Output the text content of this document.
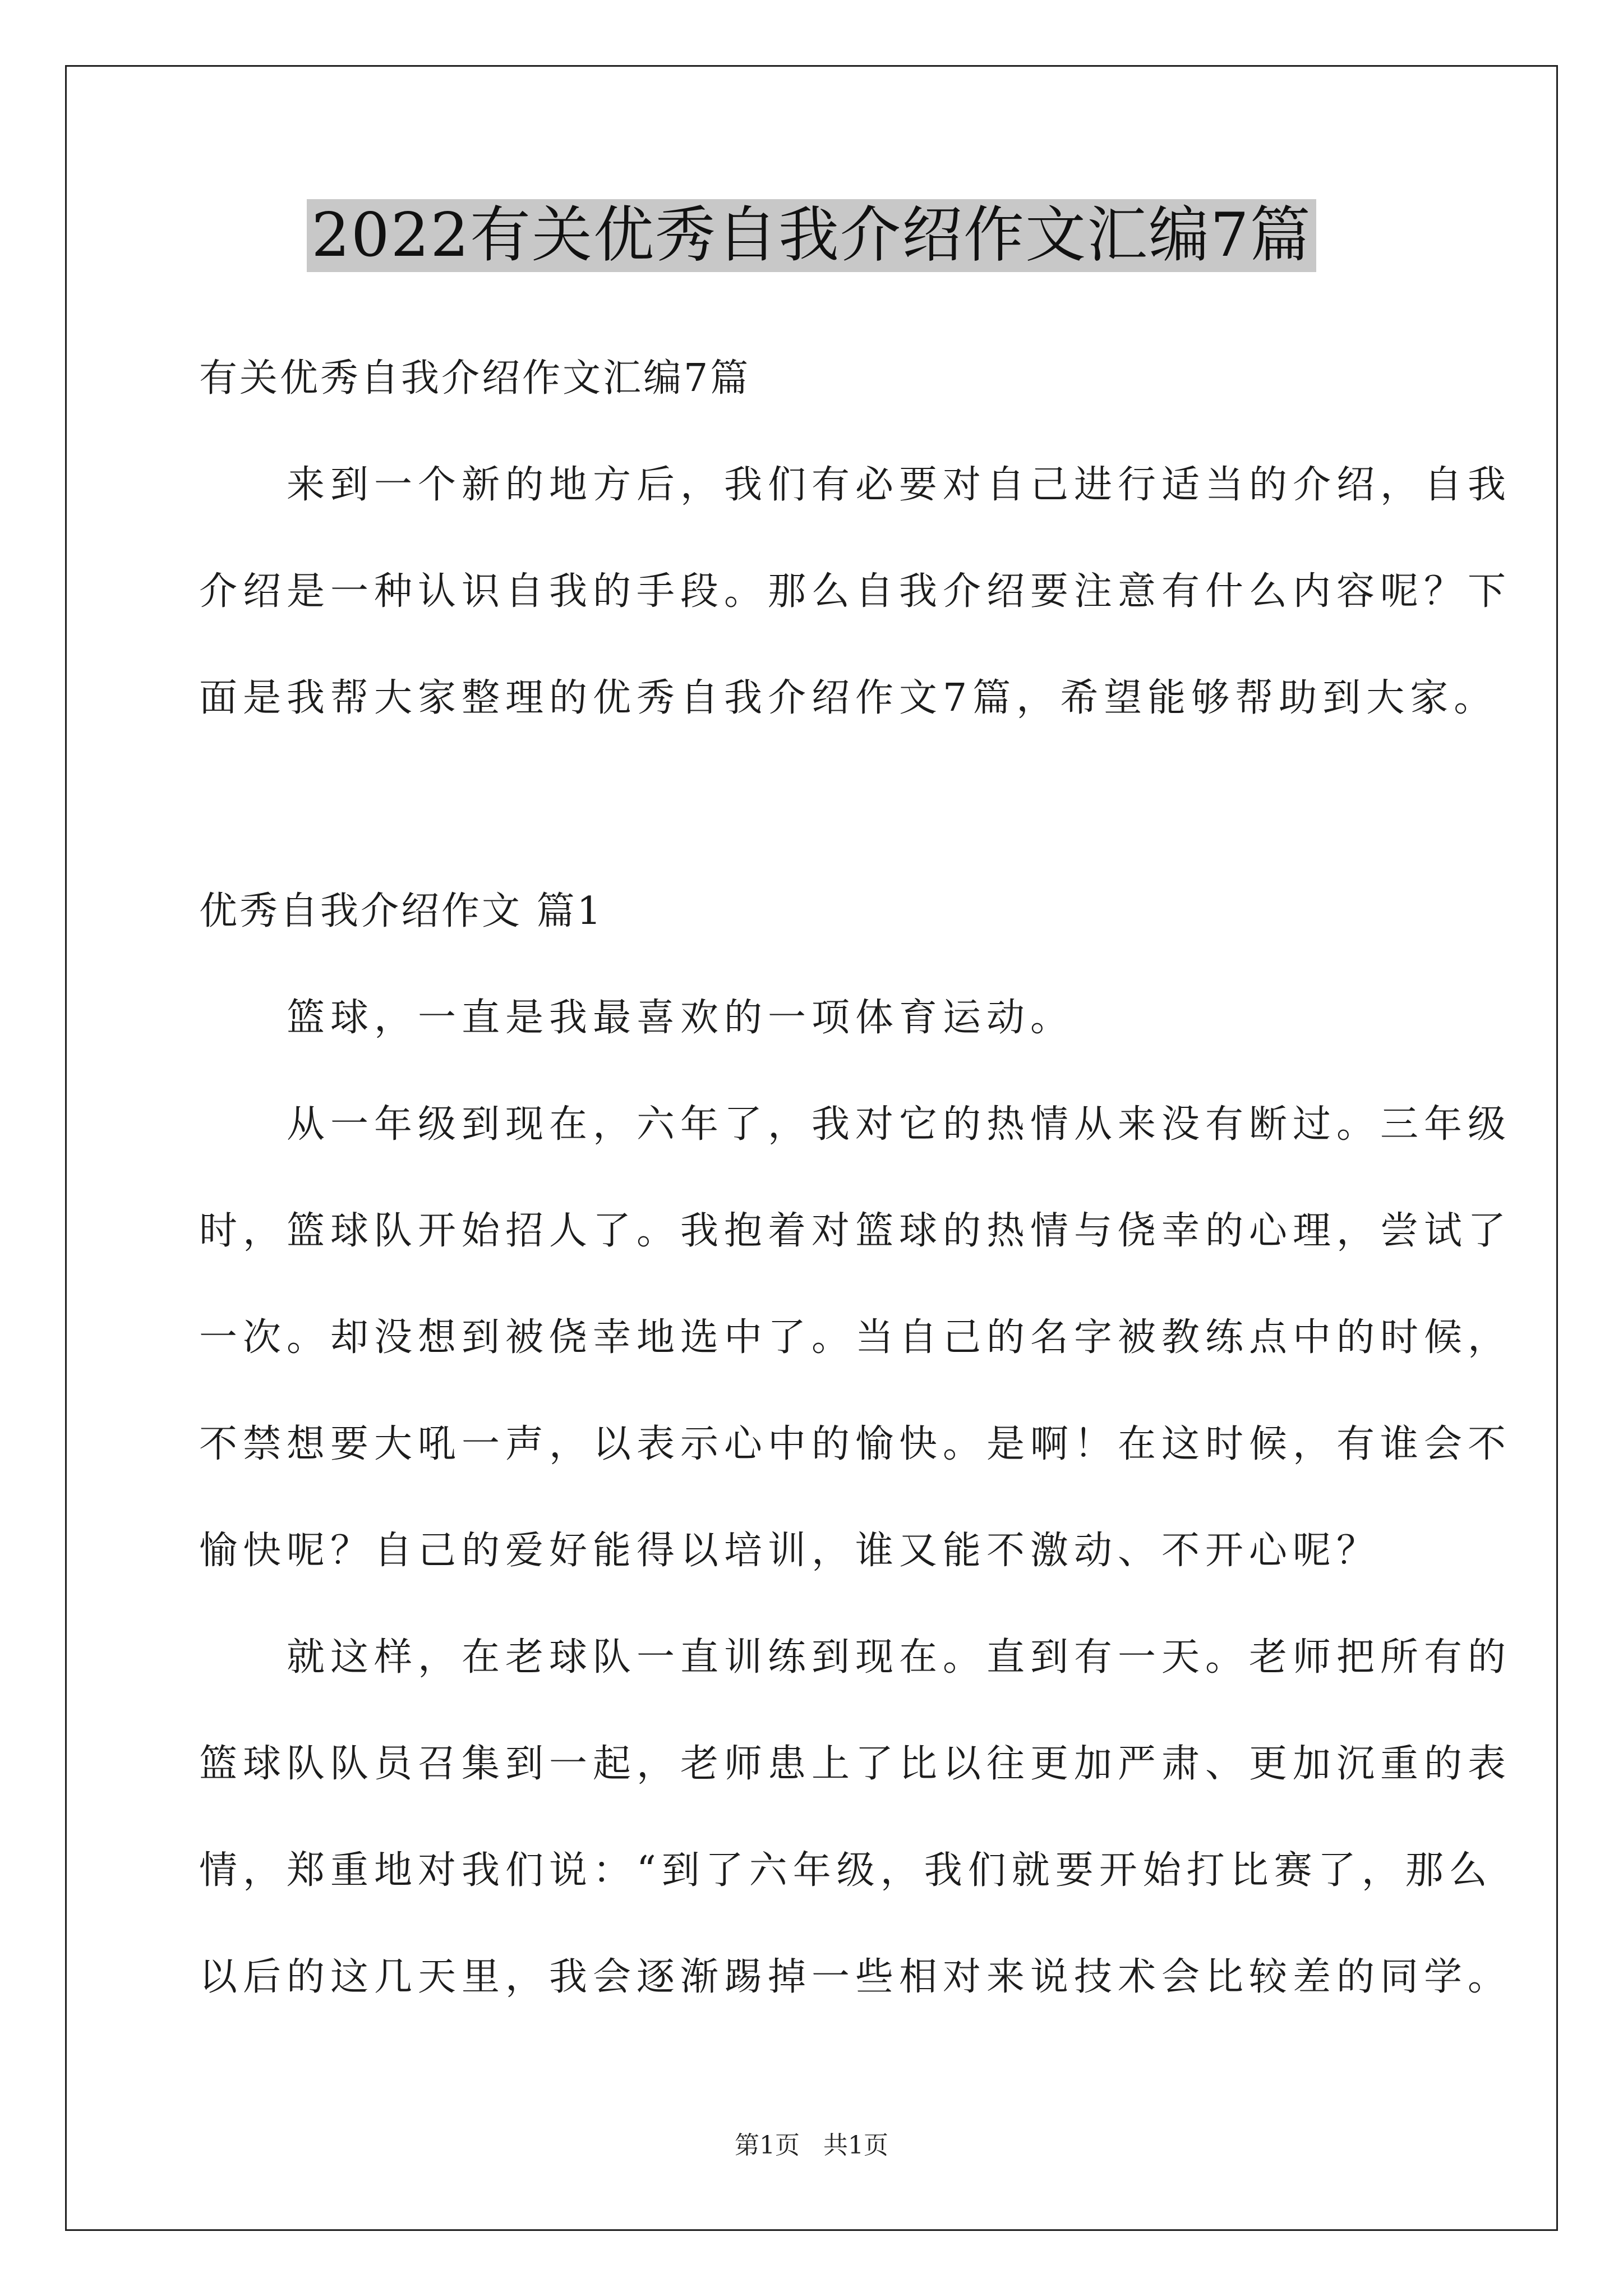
2022有关优秀自我介绍作文汇编7篇
有关优秀自我介绍作文汇编7篇
　　来到一个新的地方后，我们有必要对自己进行适当的介绍，自我
介绍是一种认识自我的手段。那么自我介绍要注意有什么内容呢？下
面是我帮大家整理的优秀自我介绍作文7篇，希望能够帮助到大家。
优秀自我介绍作文 篇1
　　篮球，一直是我最喜欢的一项体育运动。
　　从一年级到现在，六年了，我对它的热情从来没有断过。三年级
时，篮球队开始招人了。我抱着对篮球的热情与侥幸的心理，尝试了
一次。却没想到被侥幸地选中了。当自己的名字被教练点中的时候，
不禁想要大吼一声，以表示心中的愉快。是啊！在这时候，有谁会不
愉快呢？自己的爱好能得以培训，谁又能不激动、不开心呢？
　　就这样，在老球队一直训练到现在。直到有一天。老师把所有的
篮球队队员召集到一起，老师患上了比以往更加严肃、更加沉重的表
情，郑重地对我们说：“到了六年级，我们就要开始打比赛了，那么
以后的这几天里，我会逐渐踢掉一些相对来说技术会比较差的同学。
第1页 共1页
